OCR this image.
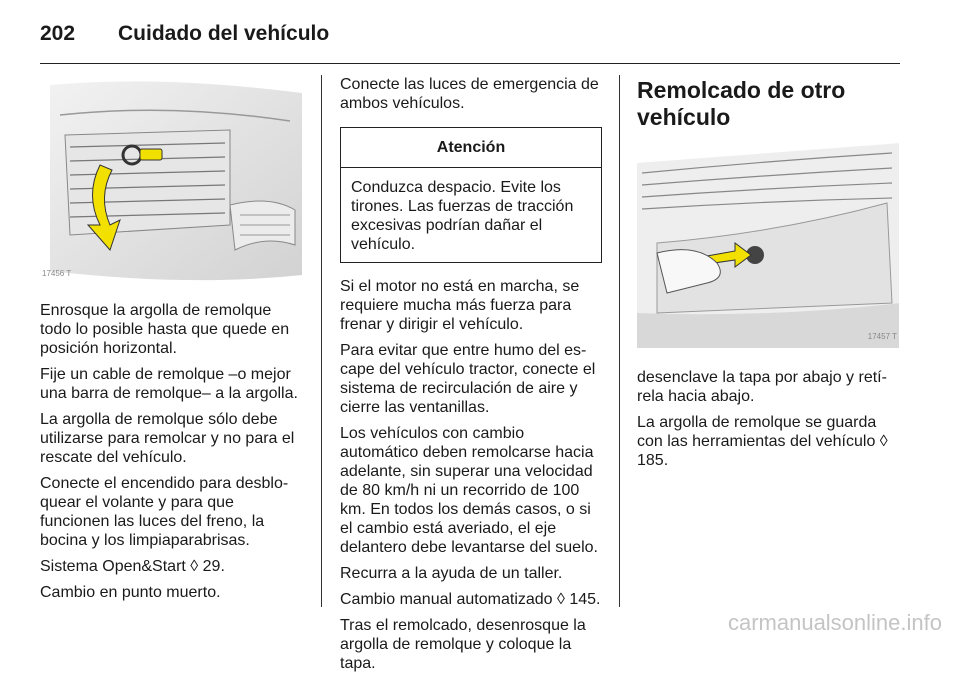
202	Cuidado del vehículo
17456 T

Enrosque la argolla de remolque todo lo posible hasta que quede en posición horizontal.

Fije un cable de remolque –o mejor una barra de remolque– a la argolla.

La argolla de remolque sólo debe utilizarse para remolcar y no para el rescate del vehículo.

Conecte el encendido para desbloquear el volante y para que funcionen las luces del freno, la bocina y los limpiaparabrisas.

Sistema Open&Start ◊ 29.

Cambio en punto muerto.

Conecte las luces de emergencia de ambos vehículos.

Atención
Conduzca despacio. Evite los tirones. Las fuerzas de tracción excesivas podrían dañar el vehículo.

Si el motor no está en marcha, se requiere mucha más fuerza para frenar y dirigir el vehículo.

Para evitar que entre humo del escape del vehículo tractor, conecte el sistema de recirculación de aire y cierre las ventanillas.

Los vehículos con cambio automático deben remolcarse hacia adelante, sin superar una velocidad de 80 km/h ni un recorrido de 100 km. En todos los demás casos, o si el cambio está averiado, el eje delantero debe levantarse del suelo.

Recurra a la ayuda de un taller.

Cambio manual automatizado ◊ 145.

Tras el remolcado, desenrosque la argolla de remolque y coloque la tapa.

Remolcado de otro vehículo
17457 T

desenclave la tapa por abajo y retírela hacia abajo.

La argolla de remolque se guarda con las herramientas del vehículo ◊ 185.

carmanualsonline.info
